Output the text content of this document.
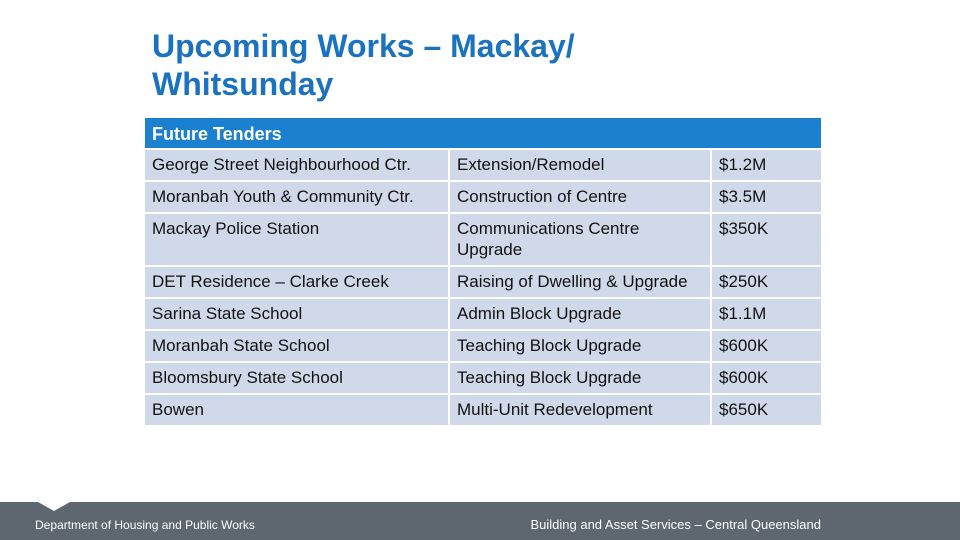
Upcoming Works – Mackay/
Whitsunday
Future Tenders		
George Street Neighbourhood Ctr.	Extension/Remodel	$1.2M
Moranbah Youth & Community Ctr.	Construction of Centre	$3.5M
Mackay Police Station	Communications Centre Upgrade	$350K
DET Residence – Clarke Creek	Raising of Dwelling & Upgrade	$250K
Sarina State School	Admin Block Upgrade	$1.1M
Moranbah State School	Teaching Block Upgrade	$600K
Bloomsbury State School	Teaching Block Upgrade	$600K
Bowen	Multi-Unit Redevelopment	$650K
Department of Housing and Public Works	Building and Asset Services – Central Queensland
